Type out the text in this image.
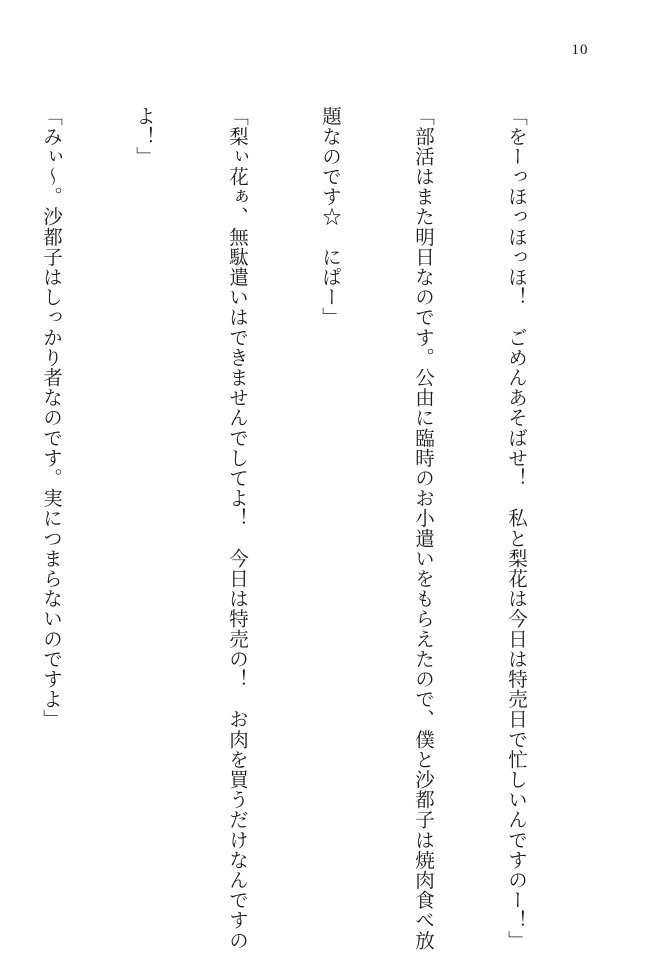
10

「をーっほっほっほ！　ごめんあそばせ！　私と梨花は今日は特売日で忙しいんですのー！」

「部活はまた明日なのです。公由に臨時のお小遣いをもらえたので、僕と沙都子は焼肉食べ放

題なのです☆　にぱー」

「梨ぃ花ぁ、無駄遣いはできませんでしてよ！　今日は特売の！　お肉を買うだけなんですの

よ！」

「みぃ～。沙都子はしっかり者なのです。実につまらないのですよ」
